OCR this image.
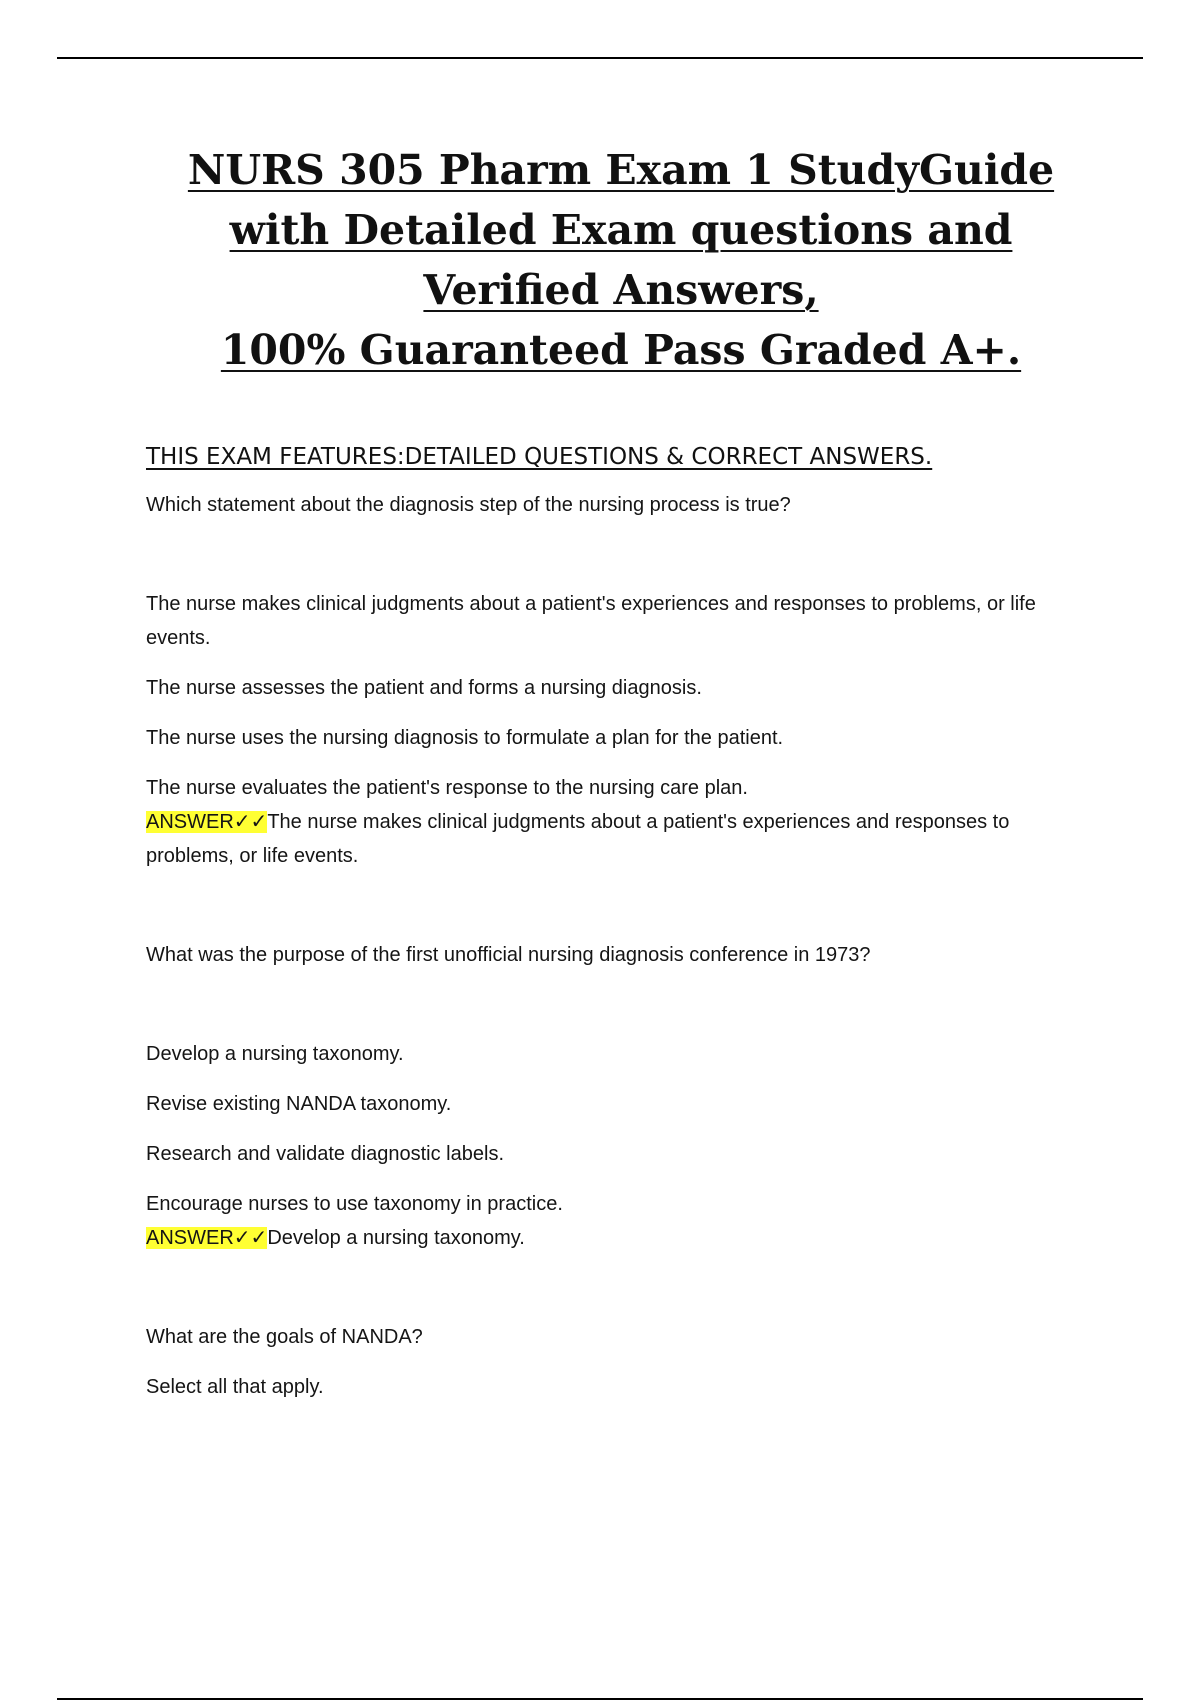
NURS 305 Pharm Exam 1 StudyGuide
with Detailed Exam questions and
Verified Answers,
100% Guaranteed Pass Graded A+.
THIS EXAM FEATURES:DETAILED QUESTIONS & CORRECT ANSWERS.

Which statement about the diagnosis step of the nursing process is true?

The nurse makes clinical judgments about a patient's experiences and responses to problems, or life events.

The nurse assesses the patient and forms a nursing diagnosis.

The nurse uses the nursing diagnosis to formulate a plan for the patient.

The nurse evaluates the patient's response to the nursing care plan.

ANSWER✓✓The nurse makes clinical judgments about a patient's experiences and responses to problems, or life events.

What was the purpose of the first unofficial nursing diagnosis conference in 1973?

Develop a nursing taxonomy.

Revise existing NANDA taxonomy.

Research and validate diagnostic labels.

Encourage nurses to use taxonomy in practice.

ANSWER✓✓Develop a nursing taxonomy.

What are the goals of NANDA?

Select all that apply.
